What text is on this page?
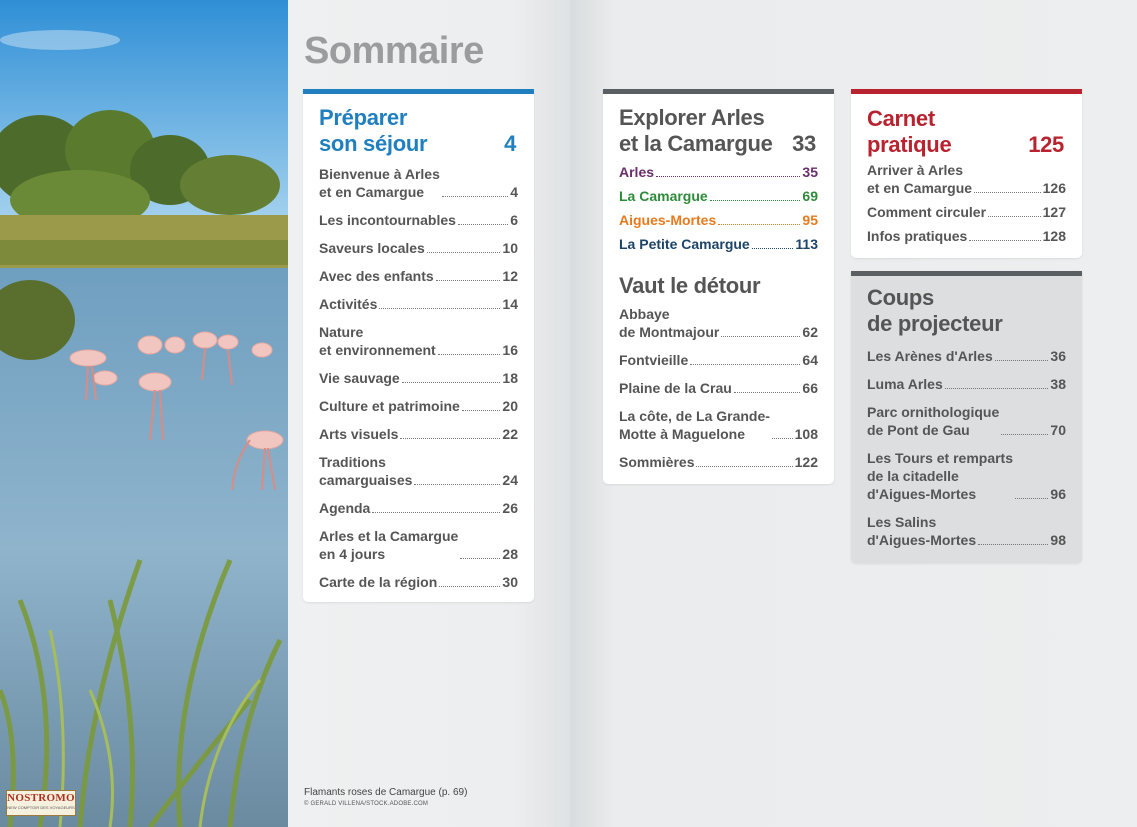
NOSTROMO
NEW COMPTOIR DES VOYAGEURS
Sommaire
Préparer
son séjour	4
Bienvenue à Arles
et en Camargue	4
Les incontournables	6
Saveurs locales	10
Avec des enfants	12
Activités	14
Nature
et environnement	16
Vie sauvage	18
Culture et patrimoine	20
Arts visuels	22
Traditions
camarguaises	24
Agenda	26
Arles et la Camargue
en 4 jours	28
Carte de la région	30
Explorer Arles
et la Camargue 33
Arles	35
La Camargue	69
Aigues-Mortes	95
La Petite Camargue	113
Vaut le détour
Abbaye
de Montmajour	62
Fontvieille	64
Plaine de la Crau	66
La côte, de La Grande-
Motte à Maguelone	108
Sommières	122
Carnet
pratique	125
Arriver à Arles
et en Camargue	126
Comment circuler	127
Infos pratiques	128
Coups
de projecteur
Les Arènes d'Arles	36
Luma Arles	38
Parc ornithologique
de Pont de Gau	70
Les Tours et remparts
de la citadelle
d'Aigues-Mortes	96
Les Salins
d'Aigues-Mortes	98
Flamants roses de Camargue (p. 69)
© GERALD VILLENA/STOCK.ADOBE.COM
